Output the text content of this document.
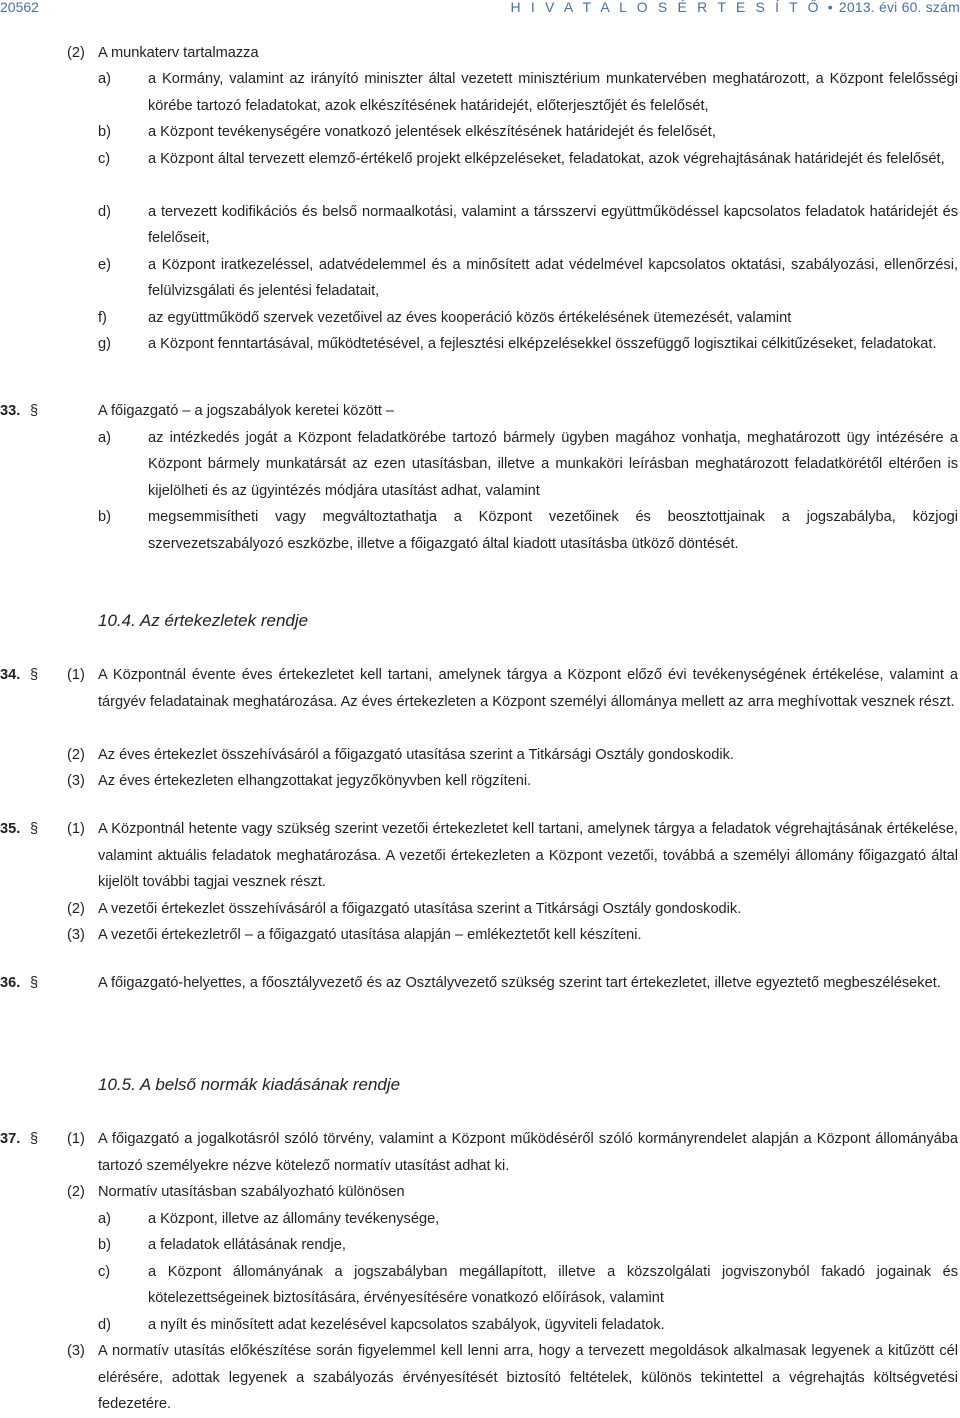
20562	H I V A T A L O S É R T E S Í T Ő • 2013. évi 60. szám
(2) A munkaterv tartalmazza
a)	a Kormány, valamint az irányító miniszter által vezetett minisztérium munkatervében meghatározott, a Központ felelősségi körébe tartozó feladatokat, azok elkészítésének határidejét, előterjesztőjét és felelősét,
b)	a Központ tevékenységére vonatkozó jelentések elkészítésének határidejét és felelősét,
c)	a Központ által tervezett elemző-értékelő projekt elképzeléseket, feladatokat, azok végrehajtásának határidejét és felelősét,
d)	a tervezett kodifikációs és belső normaalkotási, valamint a társszervi együttműködéssel kapcsolatos feladatok határidejét és felelőseit,
e)	a Központ iratkezeléssel, adatvédelemmel és a minősített adat védelmével kapcsolatos oktatási, szabályozási, ellenőrzési, felülvizsgálati és jelentési feladatait,
f)	az együttműködő szervek vezetőivel az éves kooperáció közös értékelésének ütemezését, valamint
g)	a Központ fenntartásával, működtetésével, a fejlesztési elképzelésekkel összefüggő logisztikai célkitűzéseket, feladatokat.
33. §	A főigazgató – a jogszabályok keretei között –
a)	az intézkedés jogát a Központ feladatkörébe tartozó bármely ügyben magához vonhatja, meghatározott ügy intézésére a Központ bármely munkatársát az ezen utasításban, illetve a munkaköri leírásban meghatározott feladatkörétől eltérően is kijelölheti és az ügyintézés módjára utasítást adhat, valamint
b)	megsemmisítheti vagy megváltoztathatja a Központ vezetőinek és beosztottjainak a jogszabályba, közjogi szervezetszabályozó eszközbe, illetve a főigazgató által kiadott utasításba ütköző döntését.
10.4. Az értekezletek rendje
34. § (1) A Központnál évente éves értekezletet kell tartani, amelynek tárgya a Központ előző évi tevékenységének értékelése, valamint a tárgyév feladatainak meghatározása. Az éves értekezleten a Központ személyi állománya mellett az arra meghívottak vesznek részt.
(2) Az éves értekezlet összehívásáról a főigazgató utasítása szerint a Titkársági Osztály gondoskodik.
(3) Az éves értekezleten elhangzottakat jegyzőkönyvben kell rögzíteni.
35. § (1) A Központnál hetente vagy szükség szerint vezetői értekezletet kell tartani, amelynek tárgya a feladatok végrehajtásának értékelése, valamint aktuális feladatok meghatározása. A vezetői értekezleten a Központ vezetői, továbbá a személyi állomány főigazgató által kijelölt további tagjai vesznek részt.
(2) A vezetői értekezlet összehívásáról a főigazgató utasítása szerint a Titkársági Osztály gondoskodik.
(3) A vezetői értekezletről – a főigazgató utasítása alapján – emlékeztetőt kell készíteni.
36. §	A főigazgató-helyettes, a főosztályvezető és az Osztályvezető szükség szerint tart értekezletet, illetve egyeztető megbeszéléseket.
10.5. A belső normák kiadásának rendje
37. § (1) A főigazgató a jogalkotásról szóló törvény, valamint a Központ működéséről szóló kormányrendelet alapján a Központ állományába tartozó személyekre nézve kötelező normatív utasítást adhat ki.
(2) Normatív utasításban szabályozható különösen
a)	a Központ, illetve az állomány tevékenysége,
b)	a feladatok ellátásának rendje,
c)	a Központ állományának a jogszabályban megállapított, illetve a közszolgálati jogviszonyból fakadó jogainak és kötelezettségeinek biztosítására, érvényesítésére vonatkozó előírások, valamint
d)	a nyílt és minősített adat kezelésével kapcsolatos szabályok, ügyviteli feladatok.
(3) A normatív utasítás előkészítése során figyelemmel kell lenni arra, hogy a tervezett megoldások alkalmasak legyenek a kitűzött cél elérésére, adottak legyenek a szabályozás érvényesítését biztosító feltételek, különös tekintettel a végrehajtás költségvetési fedezetére.
